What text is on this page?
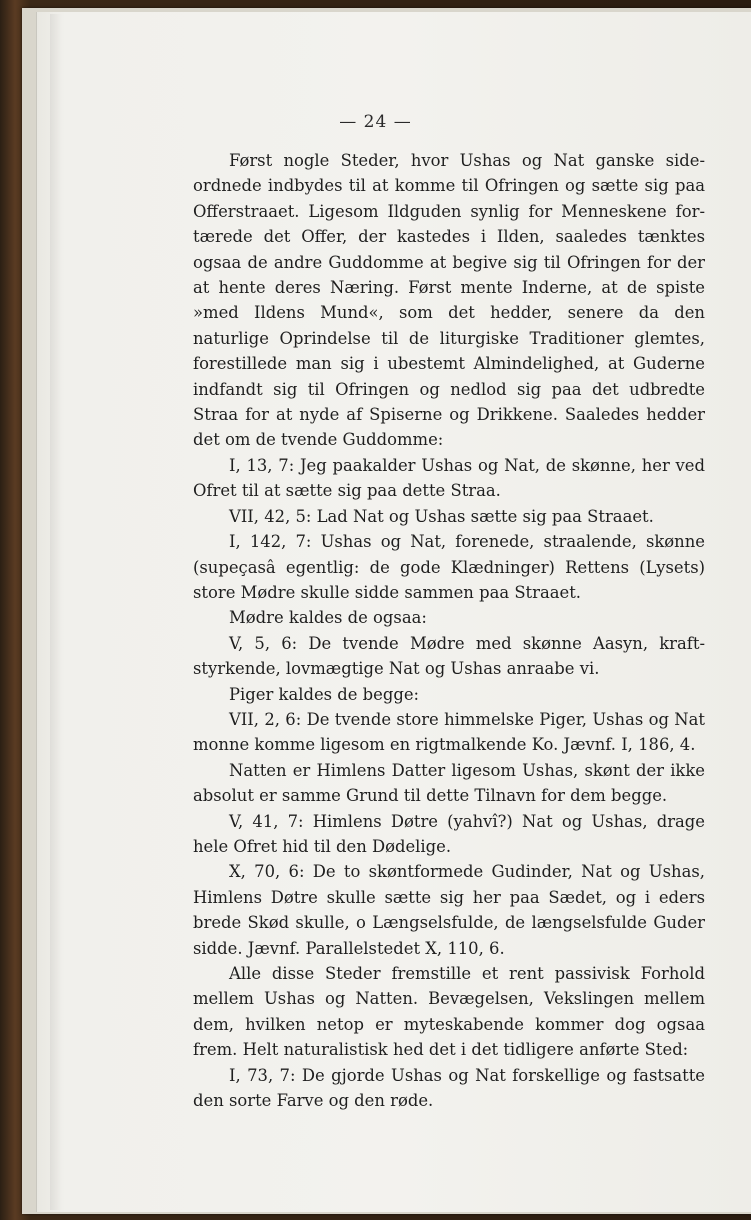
— 24 —

Først nogle Steder, hvor Ushas og Nat ganske sideordnede indbydes til at komme til Ofringen og sætte sig paa Offerstraaet. Ligesom Ildguden synlig for Menneskene fortærede det Offer, der kastedes i Ilden, saaledes tænktes ogsaa de andre Guddomme at begive sig til Ofringen for der at hente deres Næring. Først mente Inderne, at de spiste »med Ildens Mund«, som det hedder, senere da den naturlige Oprindelse til de liturgiske Traditioner glemtes, forestillede man sig i ubestemt Almindelighed, at Guderne indfandt sig til Ofringen og nedlod sig paa det udbredte Straa for at nyde af Spiserne og Drikkene. Saaledes hedder det om de tvende Guddomme:

I, 13, 7: Jeg paakalder Ushas og Nat, de skønne, her ved Ofret til at sætte sig paa dette Straa.

VII, 42, 5: Lad Nat og Ushas sætte sig paa Straaet.

I, 142, 7: Ushas og Nat, forenede, straalende, skønne (supeçasâ egentlig: de gode Klædninger) Rettens (Lysets) store Mødre skulle sidde sammen paa Straaet.

Mødre kaldes de ogsaa:

V, 5, 6: De tvende Mødre med skønne Aasyn, kraftstyrkende, lovmægtige Nat og Ushas anraabe vi.

Piger kaldes de begge:

VII, 2, 6: De tvende store himmelske Piger, Ushas og Nat monne komme ligesom en rigtmalkende Ko. Jævnf. I, 186, 4.

Natten er Himlens Datter ligesom Ushas, skønt der ikke absolut er samme Grund til dette Tilnavn for dem begge.

V, 41, 7: Himlens Døtre (yahvî?) Nat og Ushas, drage hele Ofret hid til den Dødelige.

X, 70, 6: De to skøntformede Gudinder, Nat og Ushas, Himlens Døtre skulle sætte sig her paa Sædet, og i eders brede Skød skulle, o Længselsfulde, de længselsfulde Guder sidde. Jævnf. Parallelstedet X, 110, 6.

Alle disse Steder fremstille et rent passivisk Forhold mellem Ushas og Natten. Bevægelsen, Vekslingen mellem dem, hvilken netop er myteskabende kommer dog ogsaa frem. Helt naturalistisk hed det i det tidligere anførte Sted:

I, 73, 7: De gjorde Ushas og Nat forskellige og fastsatte den sorte Farve og den røde.
